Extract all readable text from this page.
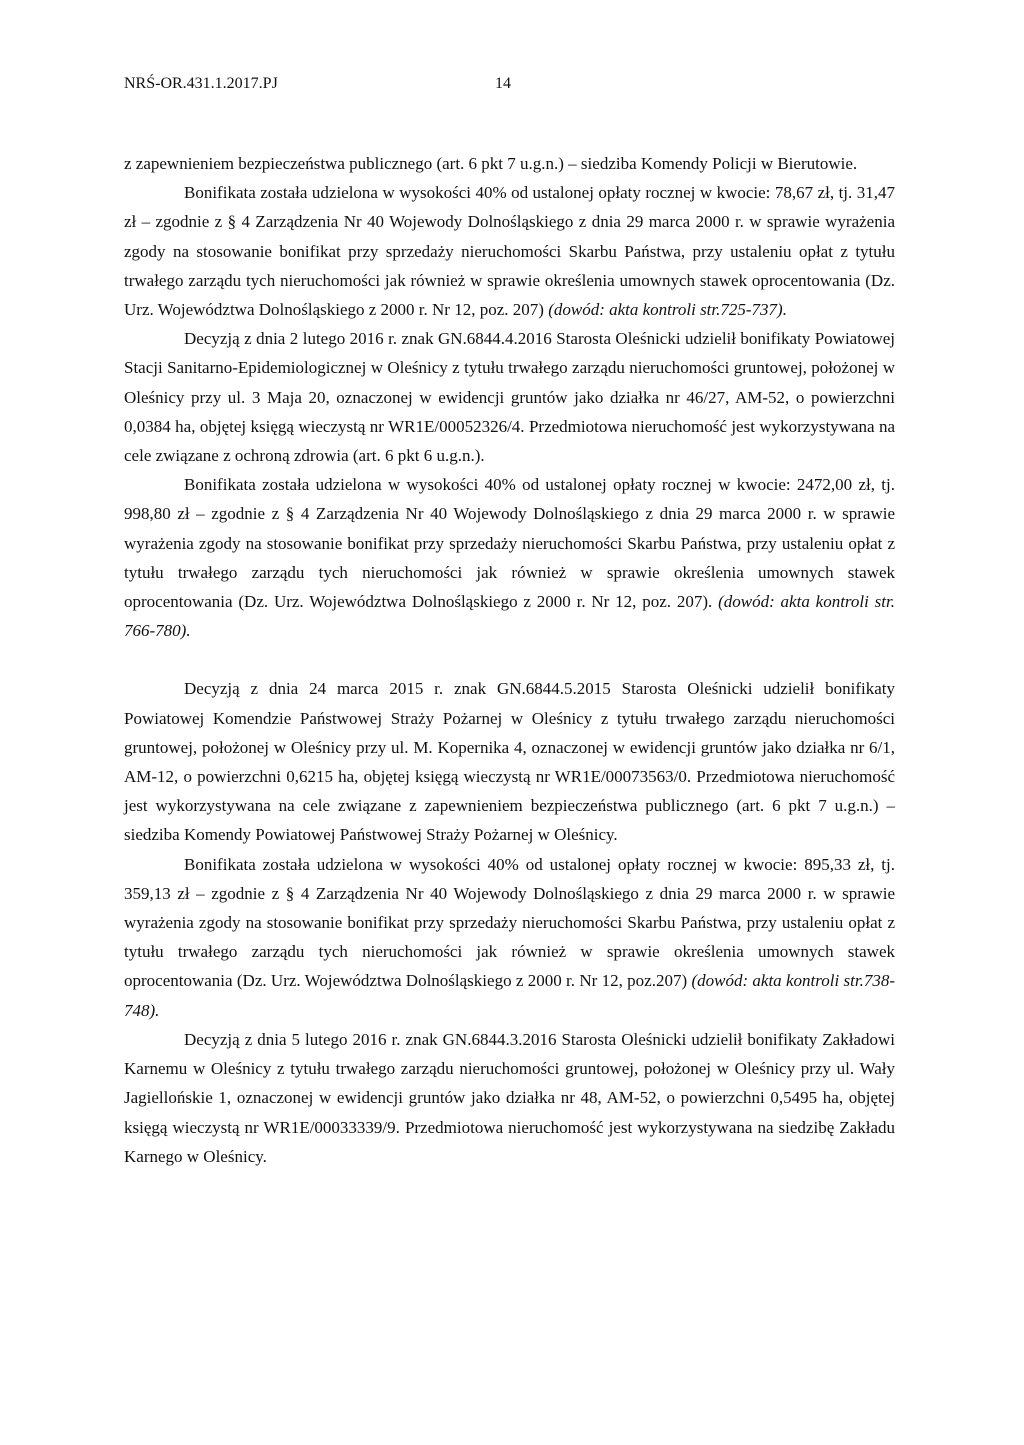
NRŚ-OR.431.1.2017.PJ	14

z zapewnieniem bezpieczeństwa publicznego (art. 6 pkt 7 u.g.n.) – siedziba Komendy Policji w Bierutowie.

Bonifikata została udzielona w wysokości 40% od ustalonej opłaty rocznej w kwocie: 78,67 zł, tj. 31,47 zł – zgodnie z § 4 Zarządzenia Nr 40 Wojewody Dolnośląskiego z dnia 29 marca 2000 r. w sprawie wyrażenia zgody na stosowanie bonifikat przy sprzedaży nieruchomości Skarbu Państwa, przy ustaleniu opłat z tytułu trwałego zarządu tych nieruchomości jak również w sprawie określenia umownych stawek oprocentowania (Dz. Urz. Województwa Dolnośląskiego z 2000 r. Nr 12, poz. 207) (dowód: akta kontroli str.725-737).

Decyzją z dnia 2 lutego 2016 r. znak GN.6844.4.2016 Starosta Oleśnicki udzielił bonifikaty Powiatowej Stacji Sanitarno-Epidemiologicznej w Oleśnicy z tytułu trwałego zarządu nieruchomości gruntowej, położonej w Oleśnicy przy ul. 3 Maja 20, oznaczonej w ewidencji gruntów jako działka nr 46/27, AM-52, o powierzchni 0,0384 ha, objętej księgą wieczystą nr WR1E/00052326/4. Przedmiotowa nieruchomość jest wykorzystywana na cele związane z ochroną zdrowia (art. 6 pkt 6 u.g.n.).

Bonifikata została udzielona w wysokości 40% od ustalonej opłaty rocznej w kwocie: 2472,00 zł, tj. 998,80 zł – zgodnie z § 4 Zarządzenia Nr 40 Wojewody Dolnośląskiego z dnia 29 marca 2000 r. w sprawie wyrażenia zgody na stosowanie bonifikat przy sprzedaży nieruchomości Skarbu Państwa, przy ustaleniu opłat z tytułu trwałego zarządu tych nieruchomości jak również w sprawie określenia umownych stawek oprocentowania (Dz. Urz. Województwa Dolnośląskiego z 2000 r. Nr 12, poz. 207). (dowód: akta kontroli str. 766-780).

Decyzją z dnia 24 marca 2015 r. znak GN.6844.5.2015 Starosta Oleśnicki udzielił bonifikaty Powiatowej Komendzie Państwowej Straży Pożarnej w Oleśnicy z tytułu trwałego zarządu nieruchomości gruntowej, położonej w Oleśnicy przy ul. M. Kopernika 4, oznaczonej w ewidencji gruntów jako działka nr 6/1, AM-12, o powierzchni 0,6215 ha, objętej księgą wieczystą nr WR1E/00073563/0. Przedmiotowa nieruchomość jest wykorzystywana na cele związane z zapewnieniem bezpieczeństwa publicznego (art. 6 pkt 7 u.g.n.) – siedziba Komendy Powiatowej Państwowej Straży Pożarnej w Oleśnicy.

Bonifikata została udzielona w wysokości 40% od ustalonej opłaty rocznej w kwocie: 895,33 zł, tj. 359,13 zł – zgodnie z § 4 Zarządzenia Nr 40 Wojewody Dolnośląskiego z dnia 29 marca 2000 r. w sprawie wyrażenia zgody na stosowanie bonifikat przy sprzedaży nieruchomości Skarbu Państwa, przy ustaleniu opłat z tytułu trwałego zarządu tych nieruchomości jak również w sprawie określenia umownych stawek oprocentowania (Dz. Urz. Województwa Dolnośląskiego z 2000 r. Nr 12, poz.207) (dowód: akta kontroli str.738-748).

Decyzją z dnia 5 lutego 2016 r. znak GN.6844.3.2016 Starosta Oleśnicki udzielił bonifikaty Zakładowi Karnemu w Oleśnicy z tytułu trwałego zarządu nieruchomości gruntowej, położonej w Oleśnicy przy ul. Wały Jagiellońskie 1, oznaczonej w ewidencji gruntów jako działka nr 48, AM-52, o powierzchni 0,5495 ha, objętej księgą wieczystą nr WR1E/00033339/9. Przedmiotowa nieruchomość jest wykorzystywana na siedzibę Zakładu Karnego w Oleśnicy.
